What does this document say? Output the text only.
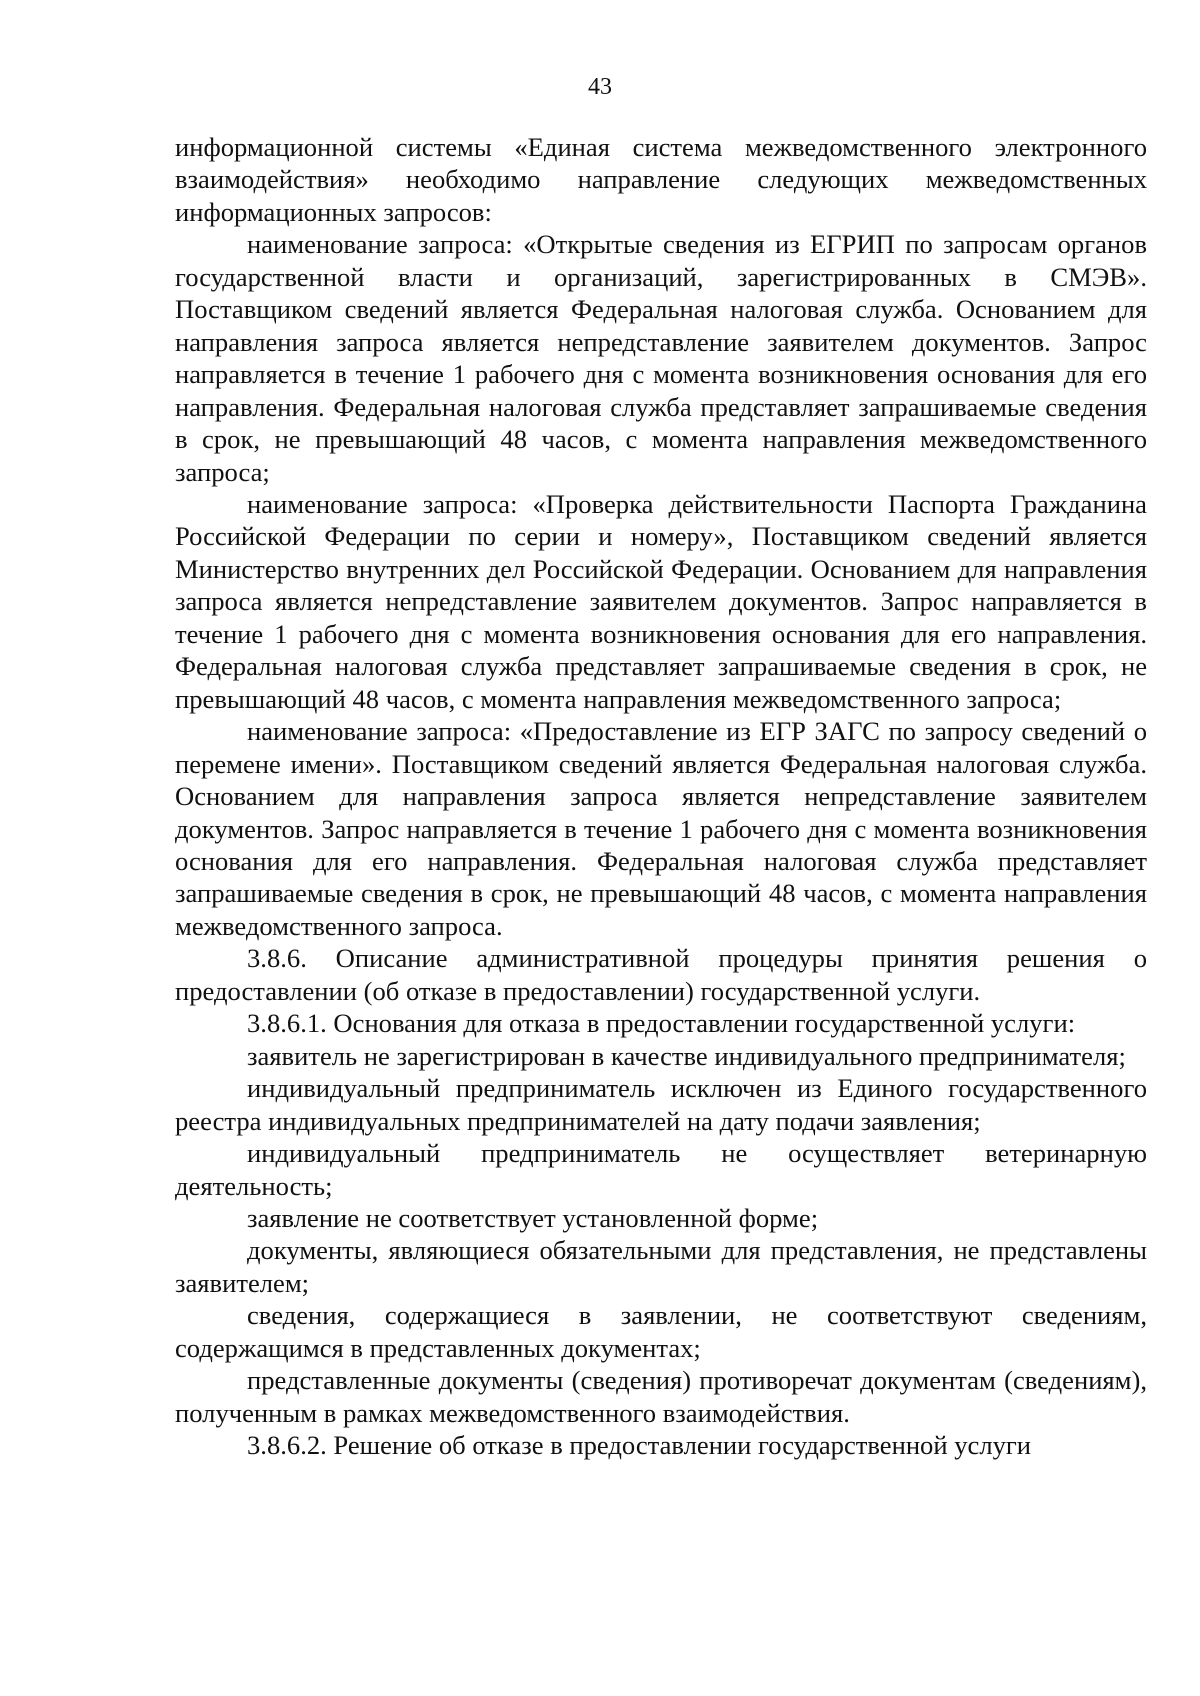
43

информационной системы «Единая система межведомственного электронного взаимодействия» необходимо направление следующих межведомственных информационных запросов:

наименование запроса: «Открытые сведения из ЕГРИП по запросам органов государственной власти и организаций, зарегистрированных в СМЭВ». Поставщиком сведений является Федеральная налоговая служба. Основанием для направления запроса является непредставление заявителем документов. Запрос направляется в течение 1 рабочего дня с момента возникновения основания для его направления. Федеральная налоговая служба представляет запрашиваемые сведения в срок, не превышающий 48 часов, с момента направления межведомственного запроса;

наименование запроса: «Проверка действительности Паспорта Гражданина Российской Федерации по серии и номеру», Поставщиком сведений является Министерство внутренних дел Российской Федерации. Основанием для направления запроса является непредставление заявителем документов. Запрос направляется в течение 1 рабочего дня с момента возникновения основания для его направления. Федеральная налоговая служба представляет запрашиваемые сведения в срок, не превышающий 48 часов, с момента направления межведомственного запроса;

наименование запроса: «Предоставление из ЕГР ЗАГС по запросу сведений о перемене имени». Поставщиком сведений является Федеральная налоговая служба. Основанием для направления запроса является непредставление заявителем документов. Запрос направляется в течение 1 рабочего дня с момента возникновения основания для его направления. Федеральная налоговая служба представляет запрашиваемые сведения в срок, не превышающий 48 часов, с момента направления межведомственного запроса.

3.8.6. Описание административной процедуры принятия решения о предоставлении (об отказе в предоставлении) государственной услуги.

3.8.6.1. Основания для отказа в предоставлении государственной услуги:

заявитель не зарегистрирован в качестве индивидуального предпринимателя;

индивидуальный предприниматель исключен из Единого государственного реестра индивидуальных предпринимателей на дату подачи заявления;

индивидуальный предприниматель не осуществляет ветеринарную деятельность;

заявление не соответствует установленной форме;

документы, являющиеся обязательными для представления, не представлены заявителем;

сведения, содержащиеся в заявлении, не соответствуют сведениям, содержащимся в представленных документах;

представленные документы (сведения) противоречат документам (сведениям), полученным в рамках межведомственного взаимодействия.

3.8.6.2. Решение об отказе в предоставлении государственной услуги
